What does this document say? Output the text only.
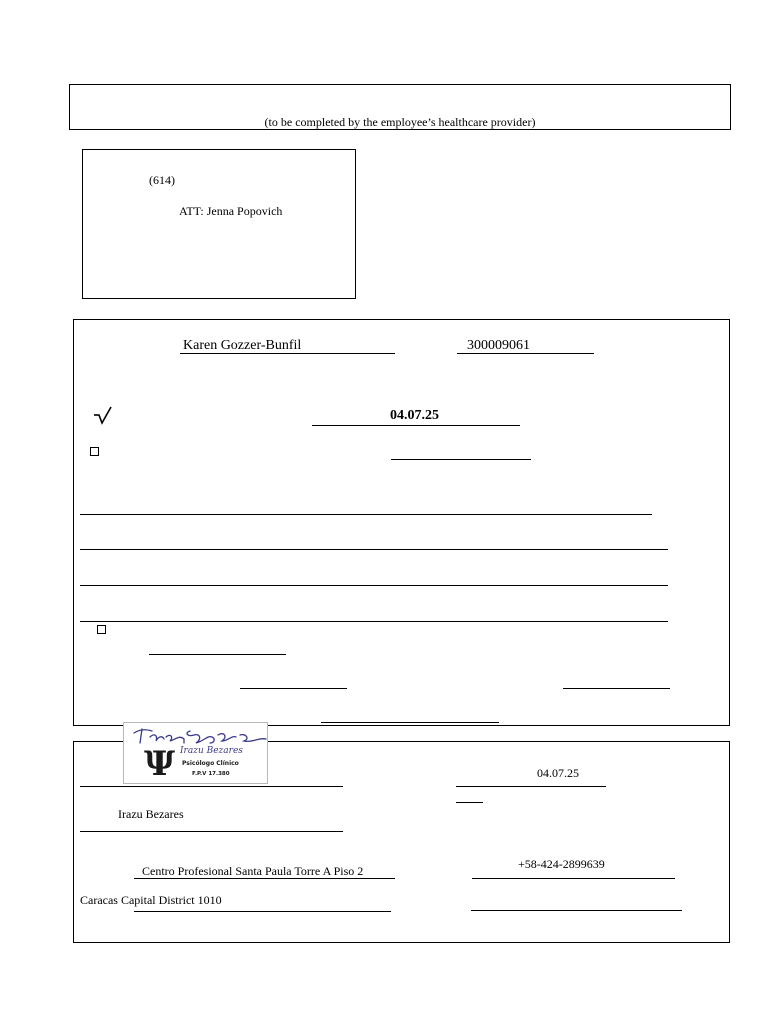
(to be completed by the employee’s healthcare provider)
(614)
ATT: Jenna Popovich
Karen Gozzer-Bunfil	300009061
04.07.25
Ψ Irazu Bezares
Psicólogo Clínico
F.P.V 17.380	04.07.25
Irazu Bezares
Centro Profesional Santa Paula Torre A Piso 2	+58-424-2899639
Caracas Capital District 1010
